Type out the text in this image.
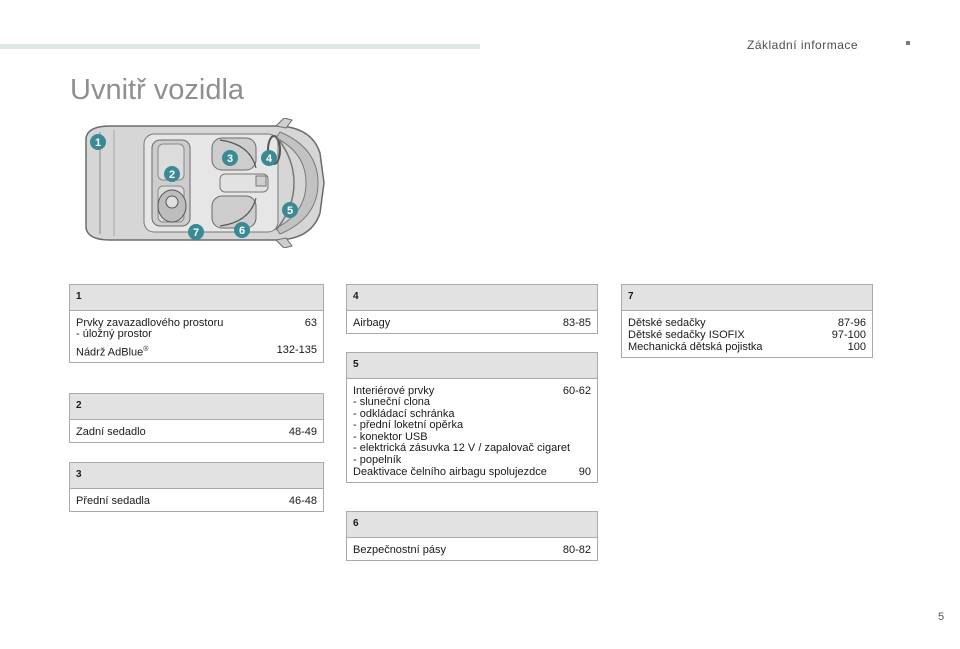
Základní informace
Uvnitř vozidla
1
2
3	4
5
6
7
1
Prvky zavazadlového prostoru	63
- úložný prostor
Nádrž AdBlue®	132-135
2
Zadní sedadlo	48-49
3
Přední sedadla	46-48
4
Airbagy	83-85
5
Interiérové prvky	60-62
- sluneční clona
- odkládací schránka
- přední loketní opěrka
- konektor USB
- elektrická zásuvka 12 V / zapalovač cigaret
- popelník
Deaktivace čelního airbagu spolujezdce	90
6
Bezpečnostní pásy	80-82
7
Dětské sedačky	87-96
Dětské sedačky ISOFIX	97-100
Mechanická dětská pojistka	100
5
